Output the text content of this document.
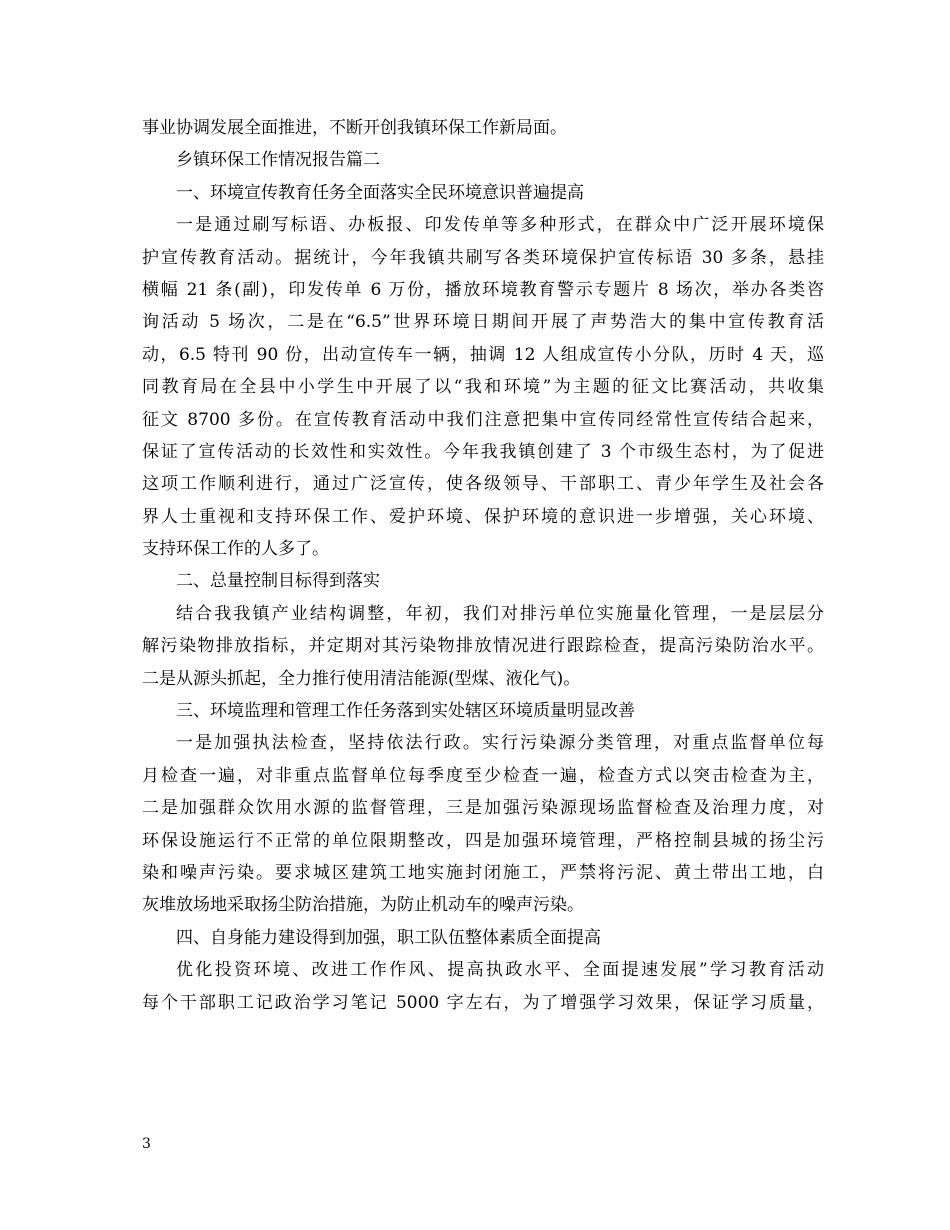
事业协调发展全面推进，不断开创我镇环保工作新局面。
乡镇环保工作情况报告篇二
一、环境宣传教育任务全面落实全民环境意识普遍提高
一是通过刷写标语、办板报、印发传单等多种形式，在群众中广泛开展环境保
护宣传教育活动。据统计，今年我镇共刷写各类环境保护宣传标语 30 多条，悬挂
横幅 21 条(副)，印发传单 6 万份，播放环境教育警示专题片 8 场次，举办各类咨
询活动 5 场次，二是在“6.5”世界环境日期间开展了声势浩大的集中宣传教育活
动，6.5 特刊 90 份，出动宣传车一辆，抽调 12 人组成宣传小分队，历时 4 天，巡
同教育局在全县中小学生中开展了以“我和环境”为主题的征文比赛活动，共收集
征文 8700 多份。在宣传教育活动中我们注意把集中宣传同经常性宣传结合起来，
保证了宣传活动的长效性和实效性。今年我我镇创建了 3 个市级生态村，为了促进
这项工作顺利进行，通过广泛宣传，使各级领导、干部职工、青少年学生及社会各
界人士重视和支持环保工作、爱护环境、保护环境的意识进一步增强，关心环境、
支持环保工作的人多了。
二、总量控制目标得到落实
结合我我镇产业结构调整，年初，我们对排污单位实施量化管理，一是层层分
解污染物排放指标，并定期对其污染物排放情况进行跟踪检查，提高污染防治水平。
二是从源头抓起，全力推行使用清洁能源(型煤、液化气)。
三、环境监理和管理工作任务落到实处辖区环境质量明显改善
一是加强执法检查，坚持依法行政。实行污染源分类管理，对重点监督单位每
月检查一遍，对非重点监督单位每季度至少检查一遍，检查方式以突击检查为主，
二是加强群众饮用水源的监督管理，三是加强污染源现场监督检查及治理力度，对
环保设施运行不正常的单位限期整改，四是加强环境管理，严格控制县城的扬尘污
染和噪声污染。要求城区建筑工地实施封闭施工，严禁将污泥、黄土带出工地，白
灰堆放场地采取扬尘防治措施，为防止机动车的噪声污染。
四、自身能力建设得到加强，职工队伍整体素质全面提高
优化投资环境、改进工作作风、提高执政水平、全面提速发展”学习教育活动
每个干部职工记政治学习笔记 5000 字左右，为了增强学习效果，保证学习质量，
3
